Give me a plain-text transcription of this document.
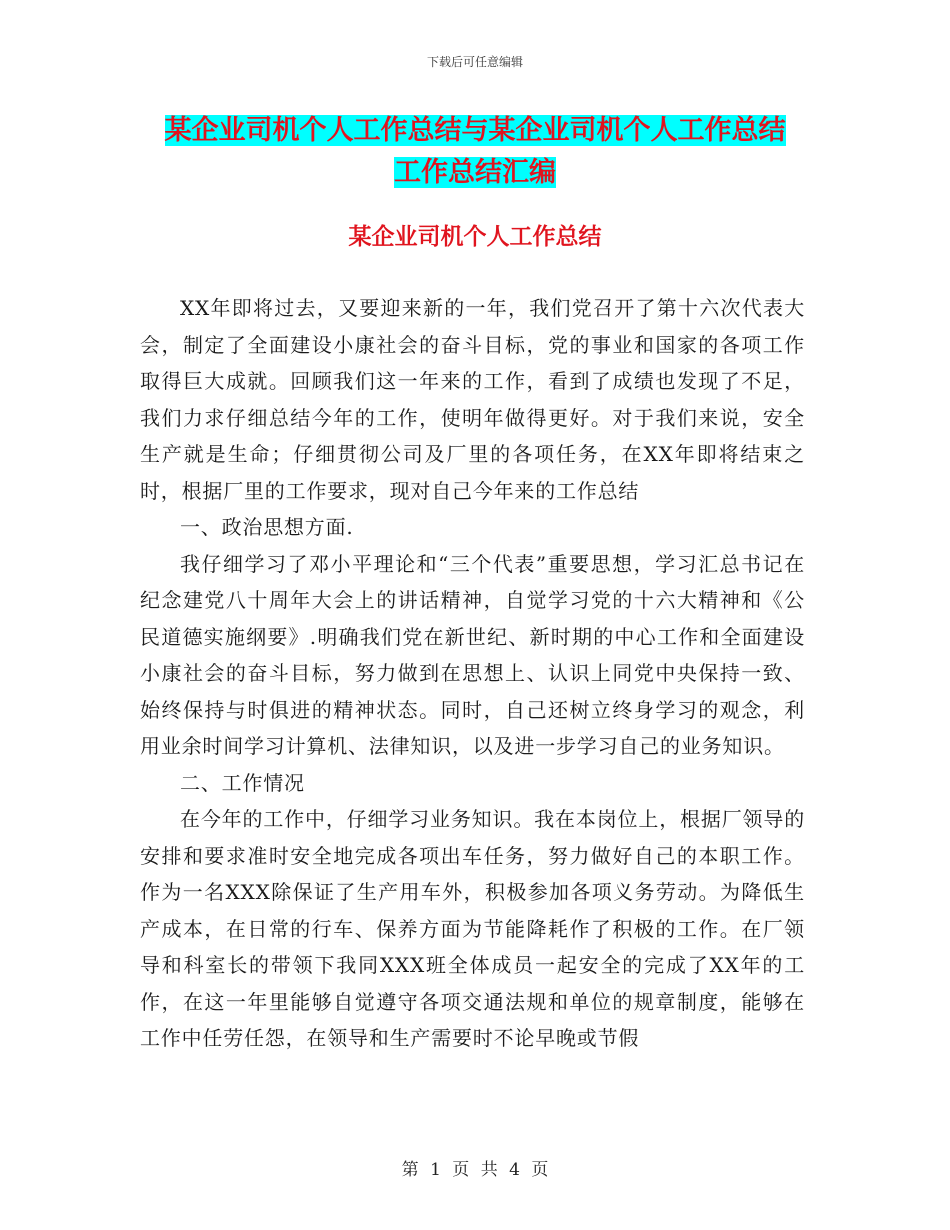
下载后可任意编辑
某企业司机个人工作总结与某企业司机个人工作总结
工作总结汇编
某企业司机个人工作总结

XX年即将过去，又要迎来新的一年，我们党召开了第十六次代表大会，制定了全面建设小康社会的奋斗目标，党的事业和国家的各项工作取得巨大成就。回顾我们这一年来的工作，看到了成绩也发现了不足，我们力求仔细总结今年的工作，使明年做得更好。对于我们来说，安全生产就是生命；仔细贯彻公司及厂里的各项任务，在XX年即将结束之时，根据厂里的工作要求，现对自己今年来的工作总结

一、政治思想方面.

我仔细学习了邓小平理论和“三个代表”重要思想，学习汇总书记在纪念建党八十周年大会上的讲话精神，自觉学习党的十六大精神和《公民道德实施纲要》.明确我们党在新世纪、新时期的中心工作和全面建设小康社会的奋斗目标，努力做到在思想上、认识上同党中央保持一致、始终保持与时俱进的精神状态。同时，自己还树立终身学习的观念，利用业余时间学习计算机、法律知识，以及进一步学习自己的业务知识。

二、工作情况

在今年的工作中，仔细学习业务知识。我在本岗位上，根据厂领导的安排和要求准时安全地完成各项出车任务，努力做好自己的本职工作。作为一名XXX除保证了生产用车外，积极参加各项义务劳动。为降低生产成本，在日常的行车、保养方面为节能降耗作了积极的工作。在厂领导和科室长的带领下我同XXX班全体成员一起安全的完成了XX年的工作，在这一年里能够自觉遵守各项交通法规和单位的规章制度，能够在工作中任劳任怨，在领导和生产需要时不论早晚或节假

第 1 页 共 4 页
